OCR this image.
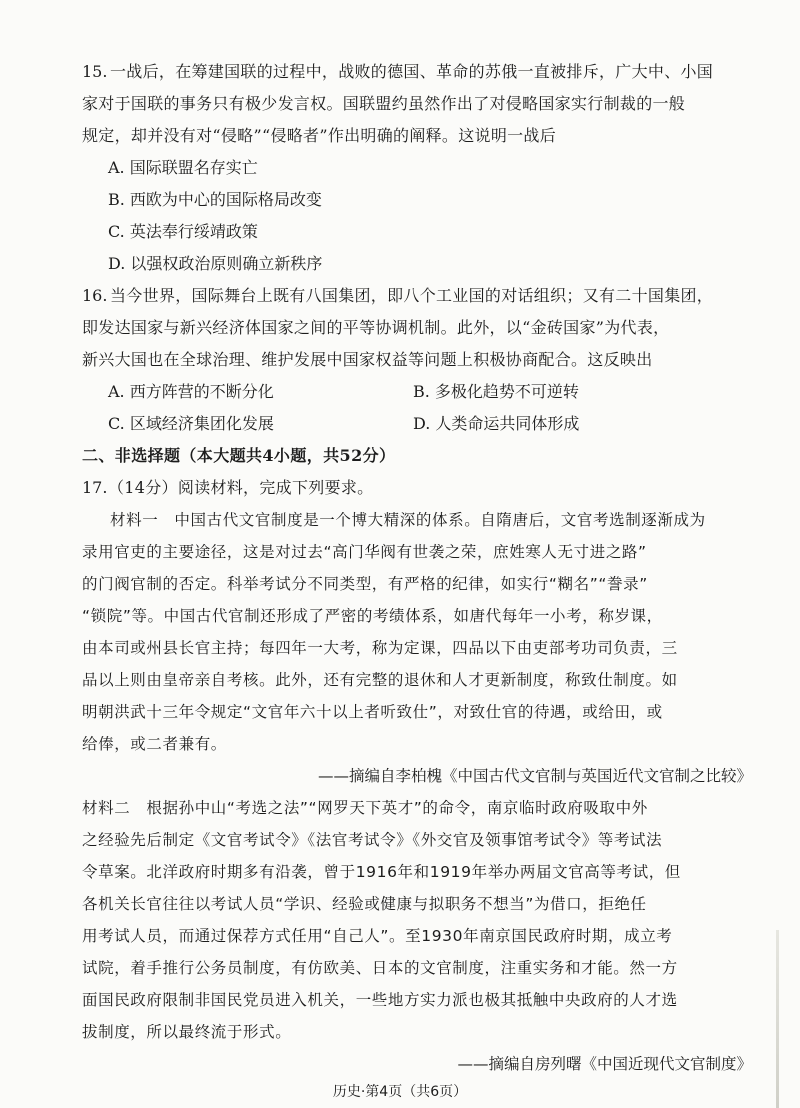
15. 一战后，在筹建国联的过程中，战败的德国、革命的苏俄一直被排斥，广大中、小国
家对于国联的事务只有极少发言权。国联盟约虽然作出了对侵略国家实行制裁的一般
规定，却并没有对“侵略”“侵略者”作出明确的阐释。这说明一战后
A. 国际联盟名存实亡
B. 西欧为中心的国际格局改变
C. 英法奉行绥靖政策
D. 以强权政治原则确立新秩序
16. 当今世界，国际舞台上既有八国集团，即八个工业国的对话组织；又有二十国集团，
即发达国家与新兴经济体国家之间的平等协调机制。此外，以“金砖国家”为代表，
新兴大国也在全球治理、维护发展中国家权益等问题上积极协商配合。这反映出
A. 西方阵营的不断分化	B. 多极化趋势不可逆转
C. 区域经济集团化发展	D. 人类命运共同体形成
二、非选择题（本大题共4小题，共52分）
17. （14分）阅读材料，完成下列要求。
材料一　中国古代文官制度是一个博大精深的体系。自隋唐后，文官考选制逐渐成为
录用官吏的主要途径，这是对过去“高门华阀有世袭之荣，庶姓寒人无寸进之路”
的门阀官制的否定。科举考试分不同类型，有严格的纪律，如实行“糊名”“誊录”
“锁院”等。中国古代官制还形成了严密的考绩体系，如唐代每年一小考，称岁课，
由本司或州县长官主持；每四年一大考，称为定课，四品以下由吏部考功司负责，三
品以上则由皇帝亲自考核。此外，还有完整的退休和人才更新制度，称致仕制度。如
明朝洪武十三年令规定“文官年六十以上者听致仕”，对致仕官的待遇，或给田，或
给俸，或二者兼有。
——摘编自李柏槐《中国古代文官制与英国近代文官制之比较》
材料二　根据孙中山“考选之法”“网罗天下英才”的命令，南京临时政府吸取中外
之经验先后制定《文官考试令》《法官考试令》《外交官及领事馆考试令》等考试法
令草案。北洋政府时期多有沿袭，曾于1916年和1919年举办两届文官高等考试，但
各机关长官往往以考试人员“学识、经验或健康与拟职务不想当”为借口，拒绝任
用考试人员，而通过保荐方式任用“自己人”。至1930年南京国民政府时期，成立考
试院，着手推行公务员制度，有仿欧美、日本的文官制度，注重实务和才能。然一方
面国民政府限制非国民党员进入机关，一些地方实力派也极其抵触中央政府的人才选
拔制度，所以最终流于形式。
——摘编自房列曙《中国近现代文官制度》
历史·第4页（共6页）
